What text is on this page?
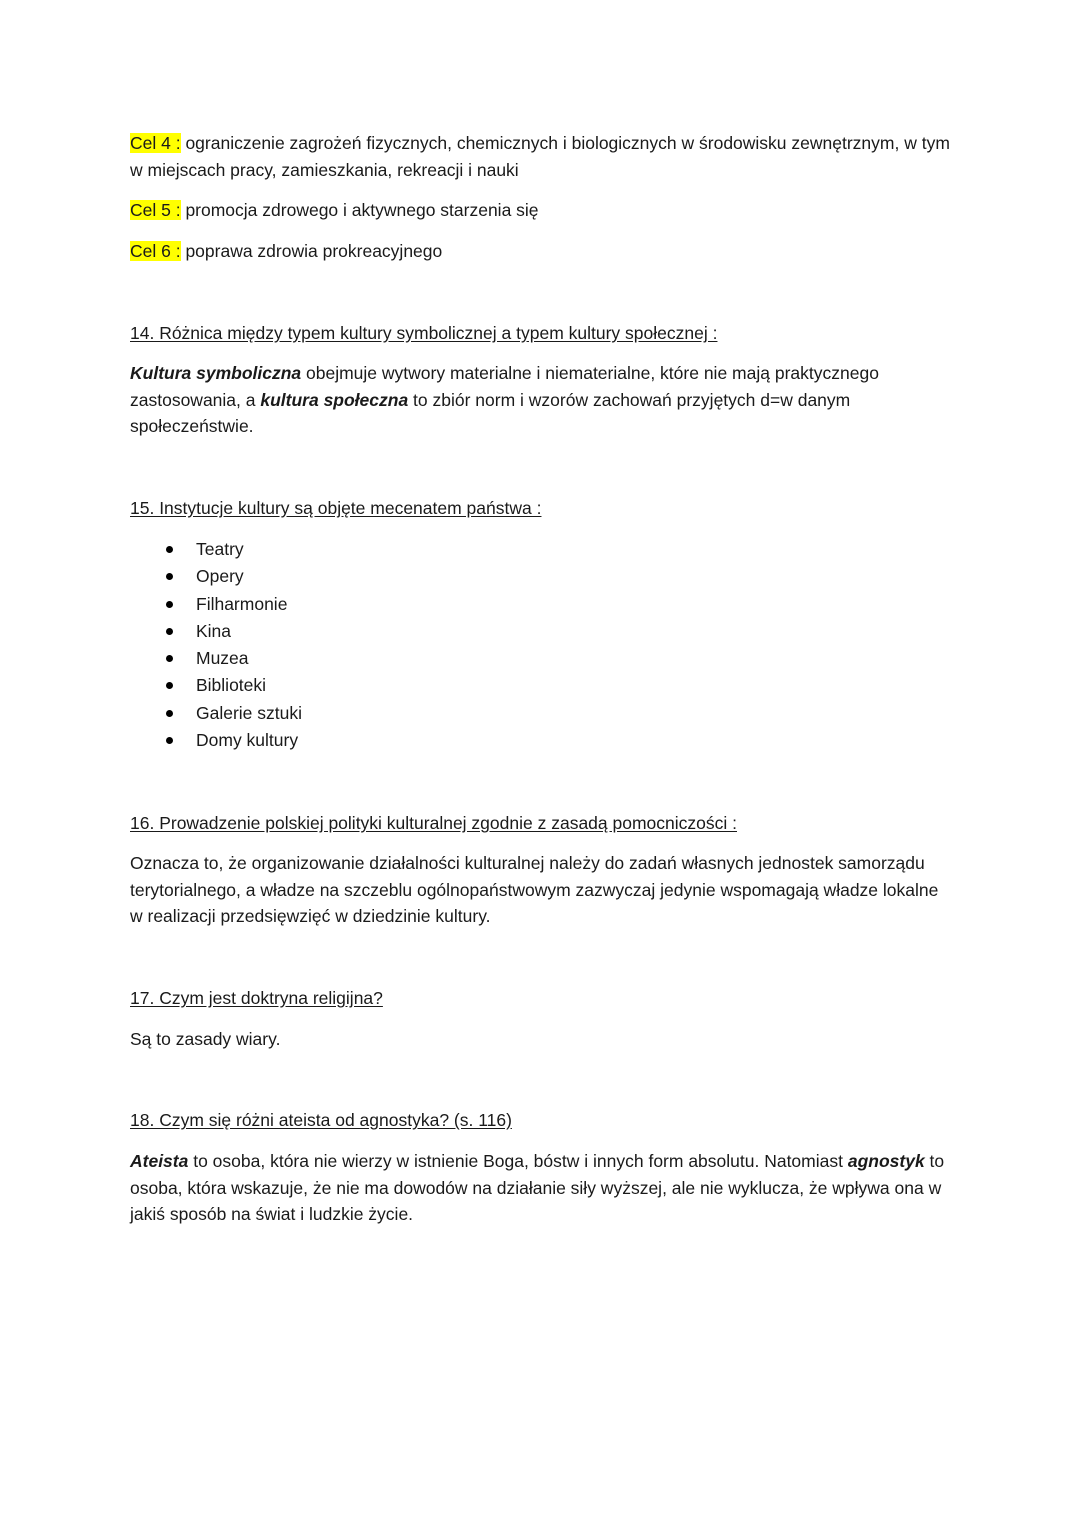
Cel 4 : ograniczenie zagrożeń fizycznych, chemicznych i biologicznych w środowisku zewnętrznym, w tym w miejscach pracy, zamieszkania, rekreacji i nauki
Cel 5 : promocja zdrowego i aktywnego starzenia się
Cel 6 : poprawa zdrowia prokreacyjnego
14. Różnica między typem kultury symbolicznej a typem kultury społecznej :
Kultura symboliczna obejmuje wytwory materialne i niematerialne, które nie mają praktycznego zastosowania, a kultura społeczna to zbiór norm i wzorów zachowań przyjętych d=w danym społeczeństwie.
15. Instytucje kultury są objęte mecenatem państwa :
Teatry
Opery
Filharmonie
Kina
Muzea
Biblioteki
Galerie sztuki
Domy kultury
16. Prowadzenie polskiej polityki kulturalnej zgodnie z zasadą pomocniczości :
Oznacza to, że organizowanie działalności kulturalnej należy do zadań własnych jednostek samorządu terytorialnego, a władze na szczeblu ogólnopaństwowym zazwyczaj jedynie wspomagają władze lokalne w realizacji przedsięwzięć w dziedzinie kultury.
17. Czym jest doktryna religijna?
Są to zasady wiary.
18. Czym się różni ateista od agnostyka? (s. 116)
Ateista to osoba, która nie wierzy w istnienie Boga, bóstw i innych form absolutu. Natomiast agnostyk to osoba, która wskazuje, że nie ma dowodów na działanie siły wyższej, ale nie wyklucza, że wpływa ona w jakiś sposób na świat i ludzkie życie.
